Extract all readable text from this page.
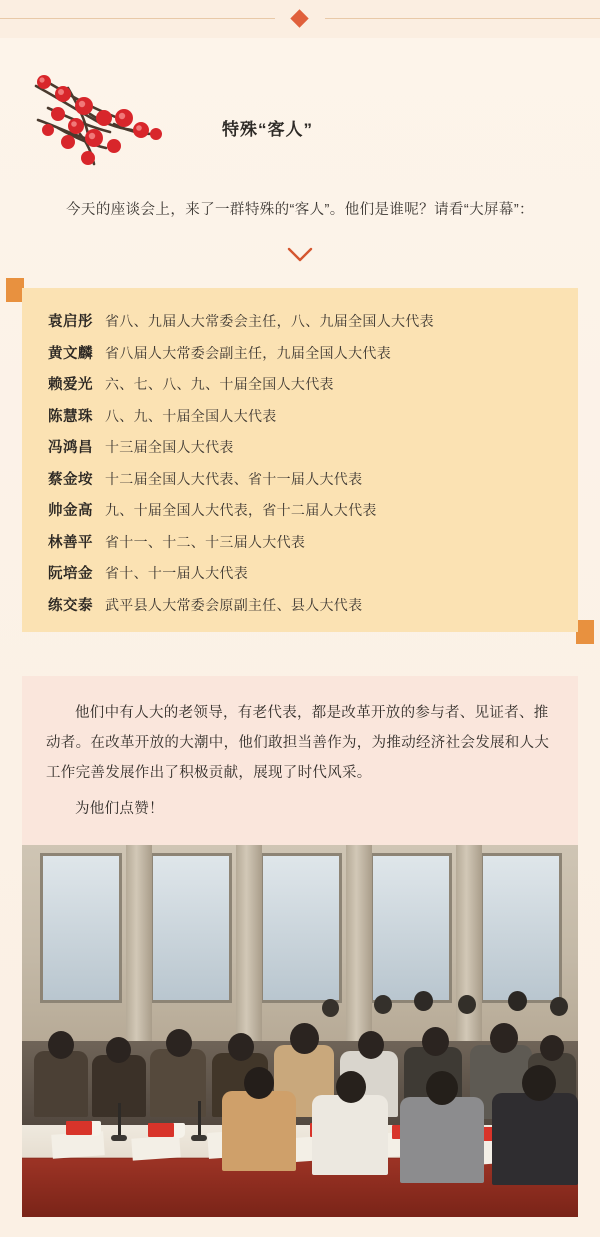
特殊“客人”
今天的座谈会上，来了一群特殊的“客人”。他们是谁呢？请看“大屏幕”：
袁启彤 省八、九届人大常委会主任，八、九届全国人大代表
黄文麟 省八届人大常委会副主任，九届全国人大代表
赖爱光 六、七、八、九、十届全国人大代表
陈慧珠 八、九、十届全国人大代表
冯鸿昌 十三届全国人大代表
蔡金垵 十二届全国人大代表、省十一届人大代表
帅金高 九、十届全国人大代表，省十二届人大代表
林善平 省十一、十二、十三届人大代表
阮培金 省十、十一届人大代表
练交泰 武平县人大常委会原副主任、县人大代表

他们中有人大的老领导，有老代表，都是改革开放的参与者、见证者、推动者。在改革开放的大潮中，他们敢担当善作为，为推动经济社会发展和人大工作完善发展作出了积极贡献，展现了时代风采。

为他们点赞！
